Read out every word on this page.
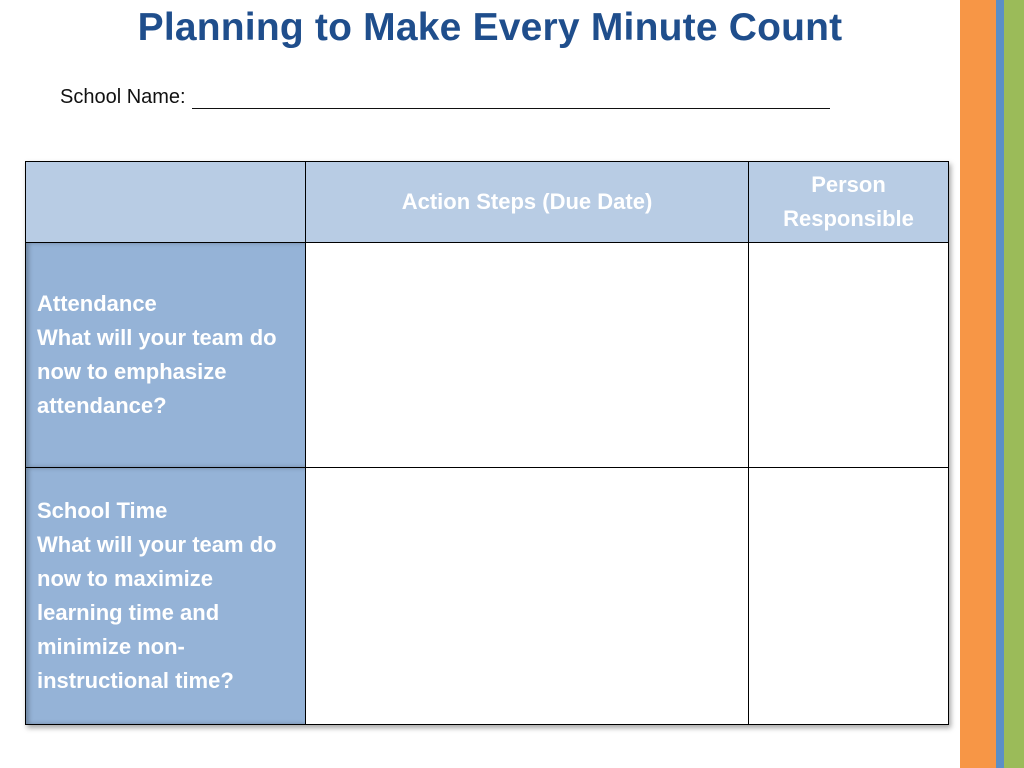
Planning to Make Every Minute Count
School Name:
	Action Steps (Due Date)	Person Responsible

Attendance
What will your team do now to emphasize attendance?		

School Time
What will your team do now to maximize learning time and minimize non-instructional time?		
